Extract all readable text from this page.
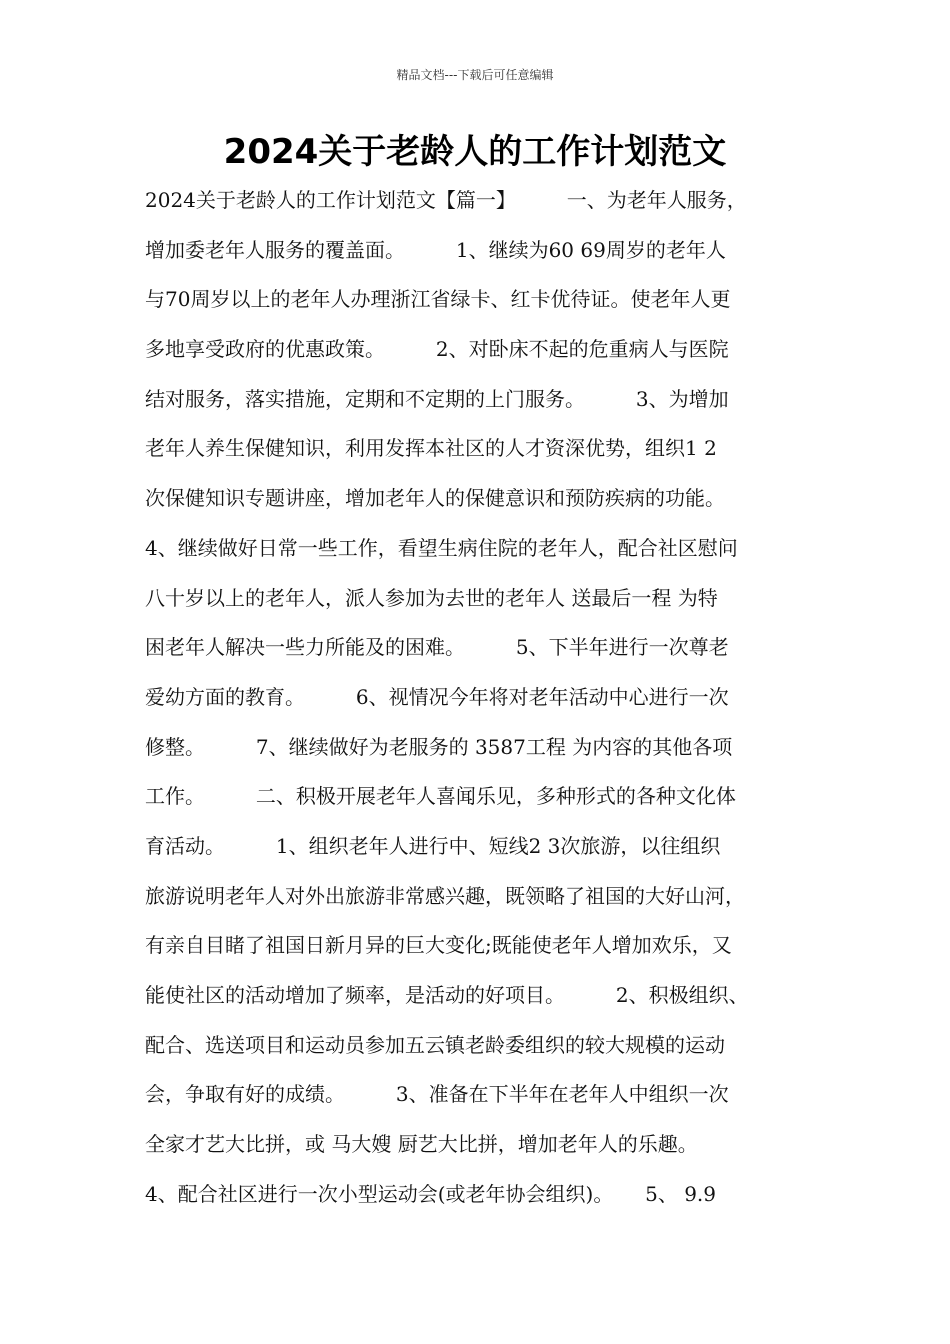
精品文档---下载后可任意编辑
2024关于老龄人的工作计划范文
2024关于老龄人的工作计划范文【篇一】        一、为老年人服务，
增加委老年人服务的覆盖面。        1、继续为60 69周岁的老年人
与70周岁以上的老年人办理浙江省绿卡、红卡优待证。使老年人更
多地享受政府的优惠政策。        2、对卧床不起的危重病人与医院
结对服务，落实措施，定期和不定期的上门服务。        3、为增加
老年人养生保健知识，利用发挥本社区的人才资深优势，组织1 2
次保健知识专题讲座，增加老年人的保健意识和预防疾病的功能。
4、继续做好日常一些工作，看望生病住院的老年人，配合社区慰问
八十岁以上的老年人，派人参加为去世的老年人 送最后一程 为特
困老年人解决一些力所能及的困难。        5、下半年进行一次尊老
爱幼方面的教育。        6、视情况今年将对老年活动中心进行一次
修整。        7、继续做好为老服务的 3587工程 为内容的其他各项
工作。        二、积极开展老年人喜闻乐见，多种形式的各种文化体
育活动。        1、组织老年人进行中、短线2 3次旅游，以往组织
旅游说明老年人对外出旅游非常感兴趣，既领略了祖国的大好山河，
有亲自目睹了祖国日新月异的巨大变化;既能使老年人增加欢乐，又
能使社区的活动增加了频率，是活动的好项目。        2、积极组织、
配合、选送项目和运动员参加五云镇老龄委组织的较大规模的运动
会，争取有好的成绩。        3、准备在下半年在老年人中组织一次
全家才艺大比拼，或 马大嫂 厨艺大比拼，增加老年人的乐趣。
4、配合社区进行一次小型运动会(或老年协会组织)。     5、 9.9
